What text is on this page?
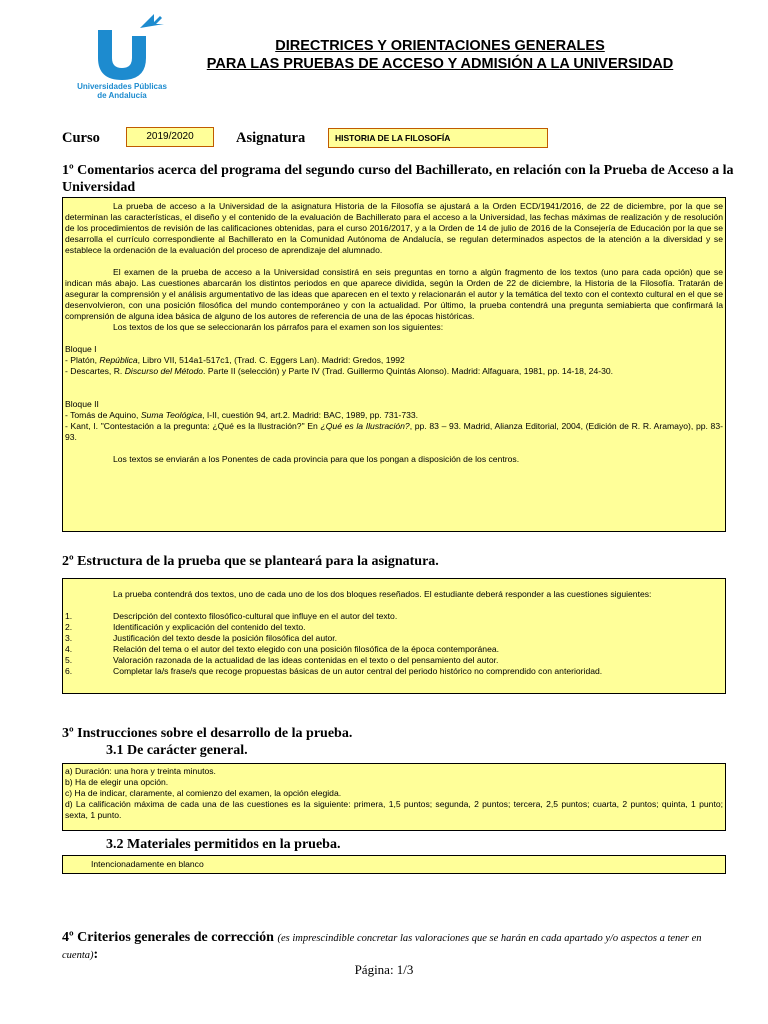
Universidades Públicas
de Andalucía
DIRECTRICES Y ORIENTACIONES GENERALES
PARA LAS PRUEBAS DE ACCESO Y ADMISIÓN A LA UNIVERSIDAD
Curso	2019/2020	Asignatura	HISTORIA DE LA FILOSOFÍA
1º Comentarios acerca del programa del segundo curso del Bachillerato, en relación con la Prueba de Acceso a la Universidad

La prueba de acceso a la Universidad de la asignatura Historia de la Filosofía se ajustará a la Orden ECD/1941/2016, de 22 de diciembre, por la que se determinan las características, el diseño y el contenido de la evaluación de Bachillerato para el acceso a la Universidad, las fechas máximas de realización y de resolución de los procedimientos de revisión de las calificaciones obtenidas, para el curso 2016/2017, y a la Orden de 14 de julio de 2016 de la Consejería de Educación por la que se desarrolla el currículo correspondiente al Bachillerato en la Comunidad Autónoma de Andalucía, se regulan determinados aspectos de la atención a la diversidad y se establece la ordenación de la evaluación del proceso de aprendizaje del alumnado.

El examen de la prueba de acceso a la Universidad consistirá en seis preguntas en torno a algún fragmento de los textos (uno para cada opción) que se indican más abajo. Las cuestiones abarcarán los distintos periodos en que aparece dividida, según la Orden de 22 de diciembre, la Historia de la Filosofía. Tratarán de asegurar la comprensión y el análisis argumentativo de las ideas que aparecen en el texto y relacionarán el autor y la temática del texto con el contexto cultural en el que se desenvolvieron, con una posición filosófica del mundo contemporáneo y con la actualidad. Por último, la prueba contendrá una pregunta semiabierta que confirmará la comprensión de alguna idea básica de alguno de los autores de referencia de una de las épocas históricas.

Los textos de los que se seleccionarán los párrafos para el examen son los siguientes:

Bloque I

- Platón, República, Libro VII, 514a1-517c1, (Trad. C. Eggers Lan). Madrid: Gredos, 1992

- Descartes, R. Discurso del Método. Parte II (selección) y Parte IV (Trad. Guillermo Quintás Alonso). Madrid: Alfaguara, 1981, pp. 14-18, 24-30.

Bloque II

- Tomás de Aquino, Suma Teológica, I-II, cuestión 94, art.2. Madrid: BAC, 1989, pp. 731-733.

- Kant, I. "Contestación a la pregunta: ¿Qué es la Ilustración?" En ¿Qué es la Ilustración?, pp. 83 – 93. Madrid, Alianza Editorial, 2004, (Edición de R. R. Aramayo), pp. 83-93.

Los textos se enviarán a los Ponentes de cada provincia para que los pongan a disposición de los centros.

2º Estructura de la prueba que se planteará para la asignatura.

La prueba contendrá dos textos, uno de cada uno de los dos bloques reseñados. El estudiante deberá responder a las cuestiones siguientes:

1.	Descripción del contexto filosófico-cultural que influye en el autor del texto.
2.	Identificación y explicación del contenido del texto.
3.	Justificación del texto desde la posición filosófica del autor.
4.	Relación del tema o el autor del texto elegido con una posición filosófica de la época contemporánea.
5.	Valoración razonada de la actualidad de las ideas contenidas en el texto o del pensamiento del autor.
6.	Completar la/s frase/s que recoge propuestas básicas de un autor central del periodo histórico no comprendido con anterioridad.
3º Instrucciones sobre el desarrollo de la prueba.
3.1 De carácter general.

a) Duración: una hora y treinta minutos.

b) Ha de elegir una opción.

c) Ha de indicar, claramente, al comienzo del examen, la opción elegida.

d) La calificación máxima de cada una de las cuestiones es la siguiente: primera, 1,5 puntos; segunda, 2 puntos; tercera, 2,5 puntos; cuarta, 2 puntos; quinta, 1 punto; sexta, 1 punto.

3.2 Materiales permitidos en la prueba.
Intencionadamente en blanco
4º Criterios generales de corrección (es imprescindible concretar las valoraciones que se harán en cada apartado y/o aspectos a tener en cuenta):
Página: 1/3
